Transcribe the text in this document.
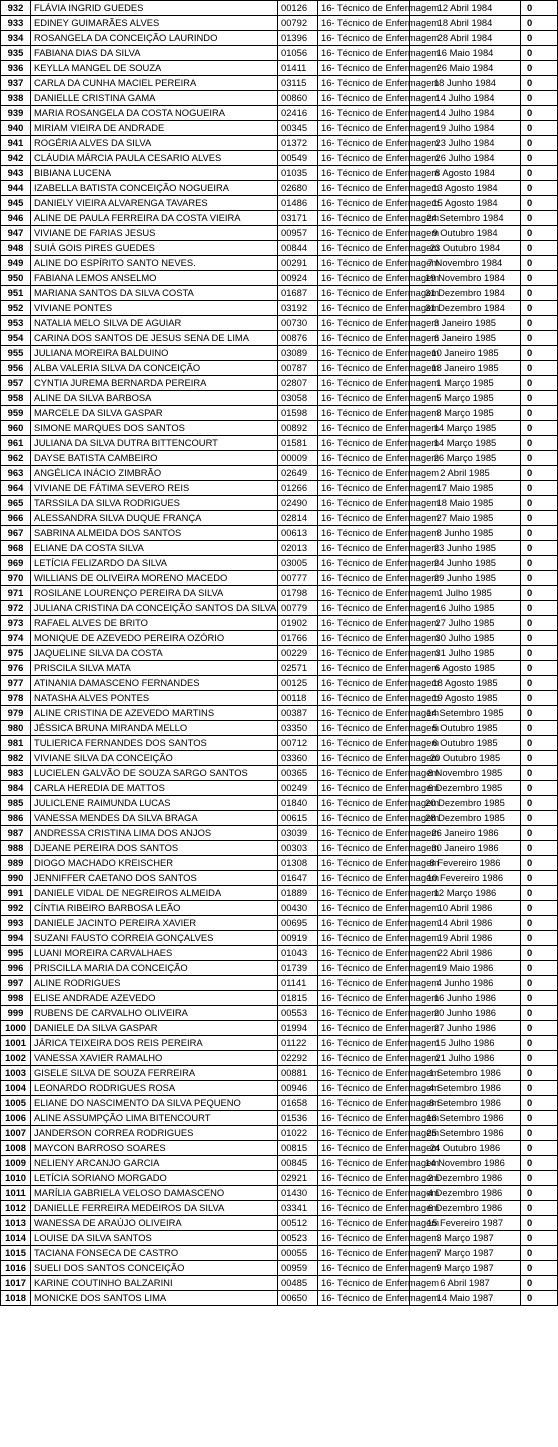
932	FLÁVIA INGRID GUEDES	00126	16- Técnico de Enfermagem	12 Abril 1984	0
933	EDINEY GUIMARÃES ALVES	00792	16- Técnico de Enfermagem	18 Abril 1984	0
934	ROSANGELA DA CONCEIÇÃO LAURINDO	01396	16- Técnico de Enfermagem	28 Abril 1984	0
935	FABIANA DIAS DA SILVA	01056	16- Técnico de Enfermagem	16 Maio 1984	0
936	KEYLLA MANGEL DE SOUZA	01411	16- Técnico de Enfermagem	26 Maio 1984	0
937	CARLA DA CUNHA MACIEL PEREIRA	03115	16- Técnico de Enfermagem	18 Junho 1984	0
938	DANIELLE CRISTINA GAMA	00860	16- Técnico de Enfermagem	14 Julho 1984	0
939	MARIA ROSANGELA DA COSTA NOGUEIRA	02416	16- Técnico de Enfermagem	14 Julho 1984	0
940	MIRIAM VIEIRA DE ANDRADE	00345	16- Técnico de Enfermagem	19 Julho 1984	0
941	ROGÉRIA ALVES DA SILVA	01372	16- Técnico de Enfermagem	23 Julho 1984	0
942	CLÁUDIA MÁRCIA PAULA CESARIO ALVES	00549	16- Técnico de Enfermagem	26 Julho 1984	0
943	BIBIANA LUCENA	01035	16- Técnico de Enfermagem	8 Agosto 1984	0
944	IZABELLA BATISTA CONCEIÇÃO NOGUEIRA	02680	16- Técnico de Enfermagem	13 Agosto 1984	0
945	DANIELY VIEIRA ALVARENGA TAVARES	01486	16- Técnico de Enfermagem	15 Agosto 1984	0
946	ALINE DE PAULA FERREIRA DA COSTA VIEIRA	03171	16- Técnico de Enfermagem	24 Setembro 1984	0
947	VIVIANE DE FARIAS JESUS	00957	16- Técnico de Enfermagem	9 Outubro 1984	0
948	SUIÁ GOIS PIRES GUEDES	00844	16- Técnico de Enfermagem	23 Outubro 1984	0
949	ALINE DO ESPÍRITO SANTO NEVES.	00291	16- Técnico de Enfermagem	7 Novembro 1984	0
950	FABIANA LEMOS ANSELMO	00924	16- Técnico de Enfermagem	19 Novembro 1984	0
951	MARIANA SANTOS DA SILVA COSTA	01687	16- Técnico de Enfermagem	31 Dezembro 1984	0
952	VIVIANE PONTES	03192	16- Técnico de Enfermagem	31 Dezembro 1984	0
953	NATALIA MELO SILVA DE AGUIAR	00730	16- Técnico de Enfermagem	3 Janeiro 1985	0
954	CARINA DOS SANTOS DE JESUS SENA DE LIMA	00876	16- Técnico de Enfermagem	6 Janeiro 1985	0
955	JULIANA MOREIRA BALDUINO	03089	16- Técnico de Enfermagem	10 Janeiro 1985	0
956	ALBA VALERIA SILVA DA CONCEIÇÃO	00787	16- Técnico de Enfermagem	18 Janeiro 1985	0
957	CYNTIA JUREMA BERNARDA PEREIRA	02807	16- Técnico de Enfermagem	1 Março 1985	0
958	ALINE DA SILVA BARBOSA	03058	16- Técnico de Enfermagem	5 Março 1985	0
959	MARCELE DA SILVA GASPAR	01598	16- Técnico de Enfermagem	8 Março 1985	0
960	SIMONE MARQUES DOS SANTOS	00892	16- Técnico de Enfermagem	14 Março 1985	0
961	JULIANA DA SILVA DUTRA BITTENCOURT	01581	16- Técnico de Enfermagem	14 Março 1985	0
962	DAYSE BATISTA CAMBEIRO	00009	16- Técnico de Enfermagem	26 Março 1985	0
963	ANGÉLICA INÁCIO ZIMBRÃO	02649	16- Técnico de Enfermagem	2 Abril 1985	0
964	VIVIANE DE FÁTIMA SEVERO REIS	01266	16- Técnico de Enfermagem	17 Maio 1985	0
965	TARSSILA DA SILVA RODRIGUES	02490	16- Técnico de Enfermagem	18 Maio 1985	0
966	ALESSANDRA SILVA DUQUE FRANÇA	02814	16- Técnico de Enfermagem	27 Maio 1985	0
967	SABRINA ALMEIDA DOS SANTOS	00613	16- Técnico de Enfermagem	8 Junho 1985	0
968	ELIANE DA COSTA SILVA	02013	16- Técnico de Enfermagem	23 Junho 1985	0
969	LETÍCIA FELIZARDO DA SILVA	03005	16- Técnico de Enfermagem	24 Junho 1985	0
970	WILLIANS DE OLIVEIRA MORENO MACEDO	00777	16- Técnico de Enfermagem	29 Junho 1985	0
971	ROSILANE LOURENÇO PEREIRA DA SILVA	01798	16- Técnico de Enfermagem	1 Julho 1985	0
972	JULIANA CRISTINA DA CONCEIÇÃO SANTOS DA SILVA	00779	16- Técnico de Enfermagem	16 Julho 1985	0
973	RAFAEL ALVES DE BRITO	01902	16- Técnico de Enfermagem	27 Julho 1985	0
974	MONIQUE DE AZEVEDO PEREIRA OZÓRIO	01766	16- Técnico de Enfermagem	30 Julho 1985	0
975	JAQUELINE SILVA DA COSTA	00229	16- Técnico de Enfermagem	31 Julho 1985	0
976	PRISCILA SILVA MATA	02571	16- Técnico de Enfermagem	6 Agosto 1985	0
977	ATINANIA DAMASCENO FERNANDES	00125	16- Técnico de Enfermagem	18 Agosto 1985	0
978	NATASHA ALVES PONTES	00118	16- Técnico de Enfermagem	19 Agosto 1985	0
979	ALINE CRISTINA DE AZEVEDO MARTINS	00387	16- Técnico de Enfermagem	14 Setembro 1985	0
980	JÉSSICA BRUNA MIRANDA MELLO	03350	16- Técnico de Enfermagem	5 Outubro 1985	0
981	TULIERICA FERNANDES DOS SANTOS	00712	16- Técnico de Enfermagem	6 Outubro 1985	0
982	VIVIANE SILVA DA CONCEIÇÃO	03360	16- Técnico de Enfermagem	20 Outubro 1985	0
983	LUCIELEN GALVÃO DE SOUZA SARGO SANTOS	00365	16- Técnico de Enfermagem	8 Novembro 1985	0
984	CARLA HEREDIA DE MATTOS	00249	16- Técnico de Enfermagem	6 Dezembro 1985	0
985	JULICLENE RAIMUNDA LUCAS	01840	16- Técnico de Enfermagem	20 Dezembro 1985	0
986	VANESSA MENDES DA SILVA BRAGA	00615	16- Técnico de Enfermagem	28 Dezembro 1985	0
987	ANDRESSA CRISTINA LIMA DOS ANJOS	03039	16- Técnico de Enfermagem	26 Janeiro 1986	0
988	DJEANE PEREIRA DOS SANTOS	00303	16- Técnico de Enfermagem	30 Janeiro 1986	0
989	DIOGO MACHADO KREISCHER	01308	16- Técnico de Enfermagem	8 Fevereiro 1986	0
990	JENNIFFER CAETANO DOS SANTOS	01647	16- Técnico de Enfermagem	10 Fevereiro 1986	0
991	DANIELE VIDAL DE NEGREIROS ALMEIDA	01889	16- Técnico de Enfermagem	12 Março 1986	0
992	CÍNTIA RIBEIRO BARBOSA LEÃO	00430	16- Técnico de Enfermagem	10 Abril 1986	0
993	DANIELE JACINTO PEREIRA XAVIER	00695	16- Técnico de Enfermagem	14 Abril 1986	0
994	SUZANI FAUSTO CORREIA GONÇALVES	00919	16- Técnico de Enfermagem	19 Abril 1986	0
995	LUANI MOREIRA CARVALHAES	01043	16- Técnico de Enfermagem	22 Abril 1986	0
996	PRISCILLA MARIA DA CONCEIÇÃO	01739	16- Técnico de Enfermagem	19 Maio 1986	0
997	ALINE RODRIGUES	01141	16- Técnico de Enfermagem	4 Junho 1986	0
998	ELISE ANDRADE AZEVEDO	01815	16- Técnico de Enfermagem	16 Junho 1986	0
999	RUBENS DE CARVALHO OLIVEIRA	00553	16- Técnico de Enfermagem	20 Junho 1986	0
1000	DANIELE DA SILVA GASPAR	01994	16- Técnico de Enfermagem	27 Junho 1986	0
1001	JÁRICA TEIXEIRA DOS REIS PEREIRA	01122	16- Técnico de Enfermagem	15 Julho 1986	0
1002	VANESSA XAVIER RAMALHO	02292	16- Técnico de Enfermagem	21 Julho 1986	0
1003	GISELE SILVA DE SOUZA FERREIRA	00881	16- Técnico de Enfermagem	1 Setembro 1986	0
1004	LEONARDO RODRIGUES ROSA	00946	16- Técnico de Enfermagem	4 Setembro 1986	0
1005	ELIANE DO NASCIMENTO DA SILVA PEQUENO	01658	16- Técnico de Enfermagem	8 Setembro 1986	0
1006	ALINE ASSUMPÇÃO LIMA BITENCOURT	01536	16- Técnico de Enfermagem	16 Setembro 1986	0
1007	JANDERSON CORREA RODRIGUES	01022	16- Técnico de Enfermagem	25 Setembro 1986	0
1008	MAYCON BARROSO SOARES	00815	16- Técnico de Enfermagem	24 Outubro 1986	0
1009	NELIENY ARCANJO GARCIA	00845	16- Técnico de Enfermagem	14 Novembro 1986	0
1010	LETÍCIA SORIANO MORGADO	02921	16- Técnico de Enfermagem	2 Dezembro 1986	0
1011	MARÍLIA GABRIELA VELOSO DAMASCENO	01430	16- Técnico de Enfermagem	4 Dezembro 1986	0
1012	DANIELLE FERREIRA MEDEIROS DA SILVA	03341	16- Técnico de Enfermagem	6 Dezembro 1986	0
1013	WANESSA DE ARAÚJO OLIVEIRA	00512	16- Técnico de Enfermagem	15 Fevereiro 1987	0
1014	LOUISE DA SILVA SANTOS	00523	16- Técnico de Enfermagem	3 Março 1987	0
1015	TACIANA FONSECA DE CASTRO	00055	16- Técnico de Enfermagem	7 Março 1987	0
1016	SUELI DOS SANTOS CONCEIÇÃO	00959	16- Técnico de Enfermagem	9 Março 1987	0
1017	KARINE COUTINHO BALZARINI	00485	16- Técnico de Enfermagem	6 Abril 1987	0
1018	MONICKE DOS SANTOS LIMA	00650	16- Técnico de Enfermagem	14 Maio 1987	0
